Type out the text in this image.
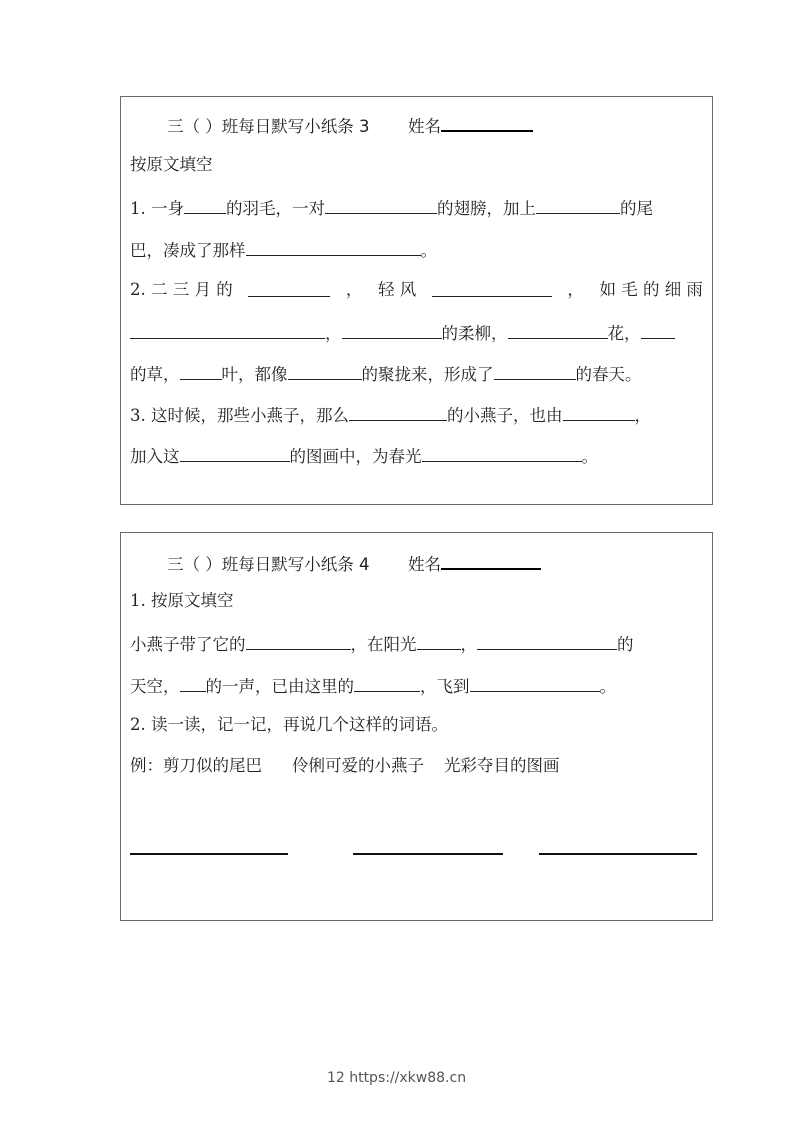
三（ ）班每日默写小纸条 3 姓名
按原文填空
1. 一身	的羽毛，一对	的翅膀，加上	的尾
巴，凑成了那样	。
2. 二 三 月 的	， 轻 风	， 如 毛 的 细 雨
，	的柔柳，	花，
的草，	叶，都像	的聚拢来，形成了	的春天。
3. 这时候，那些小燕子，那么	的小燕子，也由	，
加入这	的图画中，为春光	。
三（ ）班每日默写小纸条 4 姓名
1. 按原文填空
小燕子带了它的	，在阳光	，	的
天空， 的一声，已由这里的	，飞到	。
2. 读一读，记一记，再说几个这样的词语。
例：剪刀似的尾巴 伶俐可爱的小燕子 光彩夺目的图画
12 https://xkw88.cn
